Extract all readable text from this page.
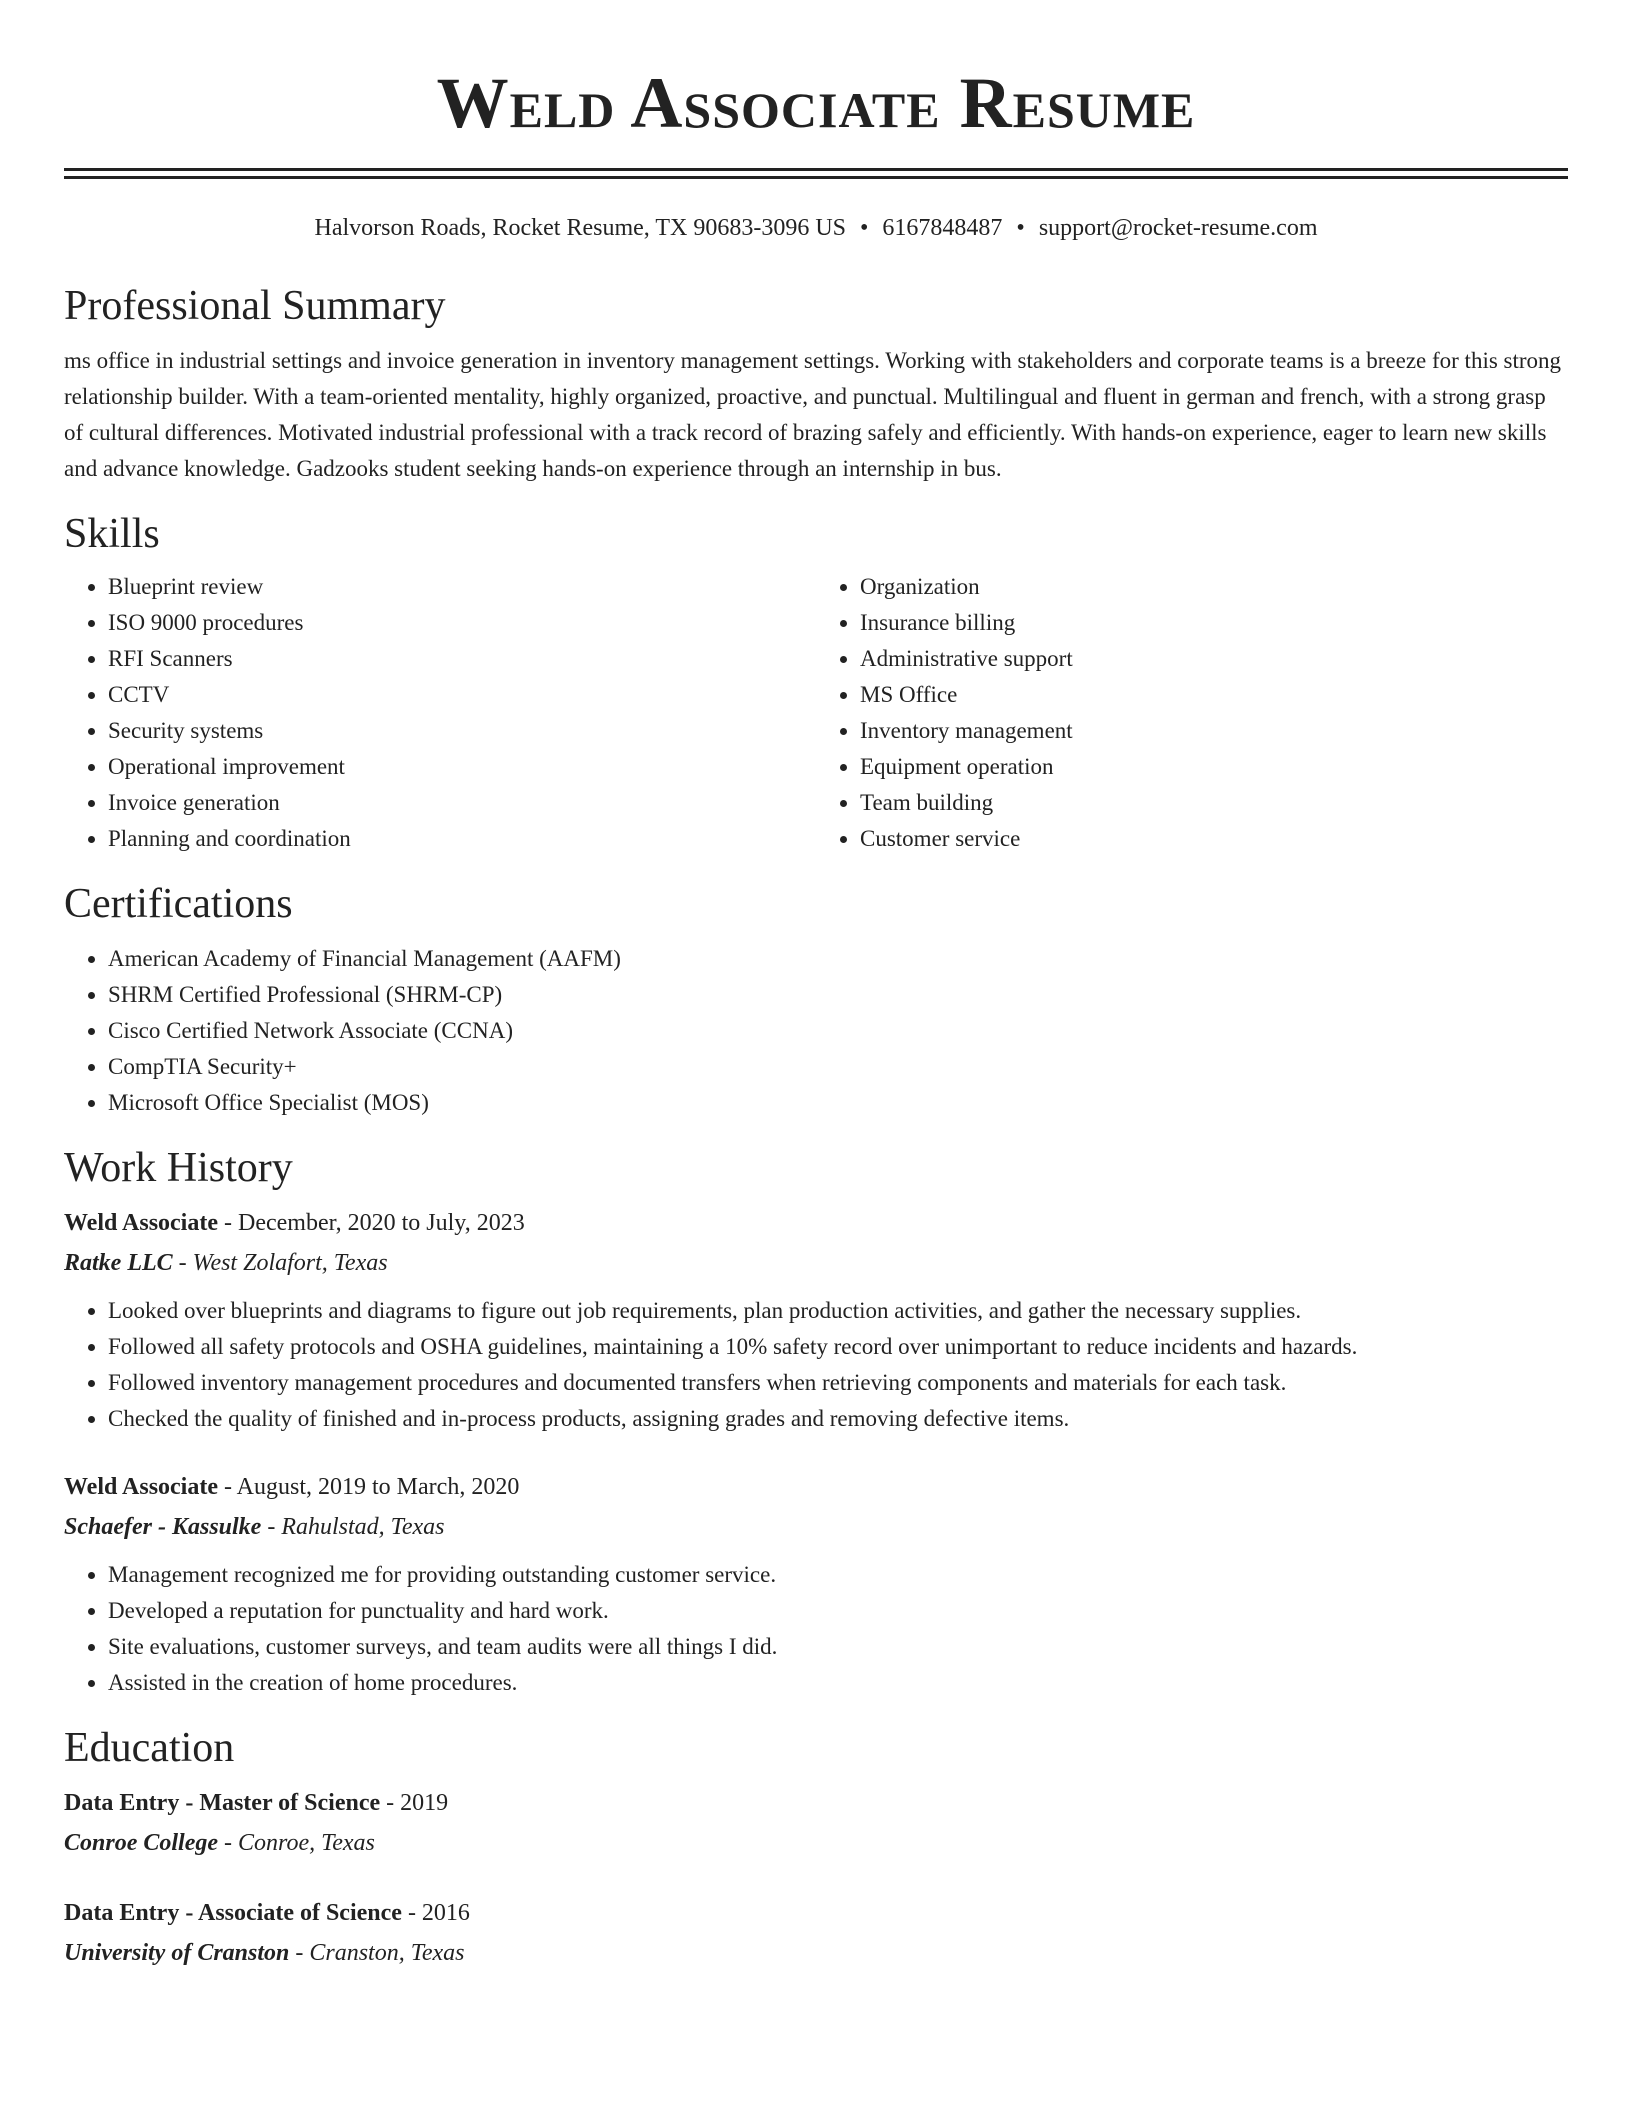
Weld Associate Resume
Halvorson Roads, Rocket Resume, TX 90683-3096 US • 6167848487 • support@rocket-resume.com
Professional Summary

ms office in industrial settings and invoice generation in inventory management settings. Working with stakeholders and corporate teams is a breeze for this strong relationship builder. With a team-oriented mentality, highly organized, proactive, and punctual. Multilingual and fluent in german and french, with a strong grasp of cultural differences. Motivated industrial professional with a track record of brazing safely and efficiently. With hands-on experience, eager to learn new skills and advance knowledge. Gadzooks student seeking hands-on experience through an internship in bus.

Skills
• Blueprint review
• ISO 9000 procedures
• RFI Scanners
• CCTV
• Security systems
• Operational improvement
• Invoice generation
• Planning and coordination
• Organization
• Insurance billing
• Administrative support
• MS Office
• Inventory management
• Equipment operation
• Team building
• Customer service
Certifications
• American Academy of Financial Management (AAFM)
• SHRM Certified Professional (SHRM-CP)
• Cisco Certified Network Associate (CCNA)
• CompTIA Security+
• Microsoft Office Specialist (MOS)
Work History
Weld Associate - December, 2020 to July, 2023
Ratke LLC - West Zolafort, Texas
• Looked over blueprints and diagrams to figure out job requirements, plan production activities, and gather the necessary supplies.
• Followed all safety protocols and OSHA guidelines, maintaining a 10% safety record over unimportant to reduce incidents and hazards.
• Followed inventory management procedures and documented transfers when retrieving components and materials for each task.
• Checked the quality of finished and in-process products, assigning grades and removing defective items.
Weld Associate - August, 2019 to March, 2020
Schaefer - Kassulke - Rahulstad, Texas
• Management recognized me for providing outstanding customer service.
• Developed a reputation for punctuality and hard work.
• Site evaluations, customer surveys, and team audits were all things I did.
• Assisted in the creation of home procedures.
Education
Data Entry - Master of Science - 2019
Conroe College - Conroe, Texas
Data Entry - Associate of Science - 2016
University of Cranston - Cranston, Texas
